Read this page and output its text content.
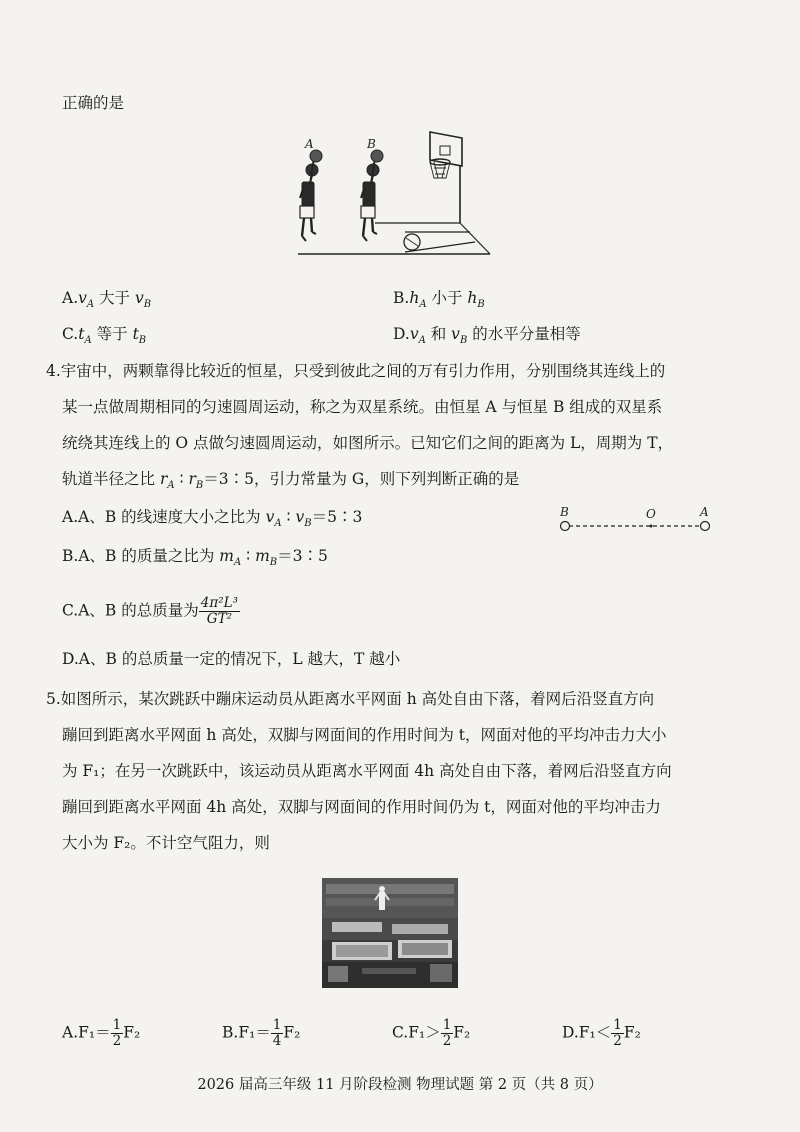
正确的是
A	B
$A.v_A$ 大于 $v_B$	$B.h_A$ 小于 $h_B$
$C.t_A$ 等于 $t_B$	$D.v_A$ 和 $v_B$ 的水平分量相等
4.宇宙中，两颗靠得比较近的恒星，只受到彼此之间的万有引力作用，分别围绕其连线上的
某一点做周期相同的匀速圆周运动，称之为双星系统。由恒星 A 与恒星 B 组成的双星系
统绕其连线上的 O 点做匀速圆周运动，如图所示。已知它们之间的距离为 L，周期为 T，
轨道半径之比 $r_A$ ∶ $r_B=3∶5$，引力常量为 G，则下列判断正确的是
B	O	A
A.A、B 的线速度大小之比为 $v_A$ ∶ $v_B=5∶3$
B.A、B 的质量之比为 $m_A$ ∶ $m_B=3∶5$
C.A、B 的总质量为 $\frac{\text{4π²L³}}{\text{GT²}}$
D.A、B 的总质量一定的情况下，L 越大，T 越小
5.如图所示，某次跳跃中蹦床运动员从距离水平网面 h 高处自由下落，着网后沿竖直方向
蹦回到距离水平网面 h 高处，双脚与网面间的作用时间为 t，网面对他的平均冲击力大小
为 F₁；在另一次跳跃中，该运动员从距离水平网面 4h 高处自由下落，着网后沿竖直方向
蹦回到距离水平网面 4h 高处，双脚与网面间的作用时间仍为 t，网面对他的平均冲击力
大小为 F₂。不计空气阻力，则
$A.F_1= \frac{1}{2} F_2$	$B.F_1= \frac{1}{4} F_2$	$C.F_1> \frac{1}{2} F_2$	$D.F_1< \frac{1}{2} F_2$
2026 届高三年级 11 月阶段检测 物理试题 第 2 页（共 8 页）
